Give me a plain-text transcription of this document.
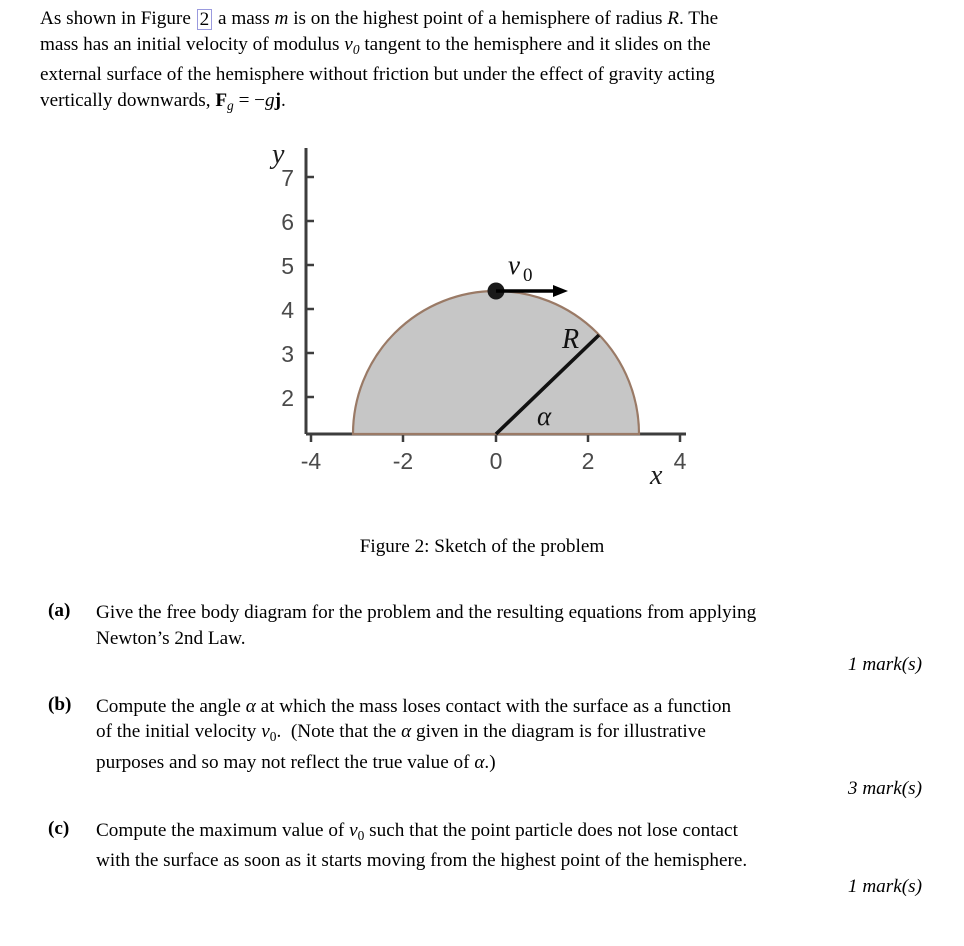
As shown in Figure 2 a mass m is on the highest point of a hemisphere of radius R. The
mass has an initial velocity of modulus $v_0$ tangent to the hemisphere and it slides on the
external surface of the hemisphere without friction but under the effect of gravity acting
vertically downwards, $F_g = -gj$.
y
x
7
6
5
4
3
2
-4	-2	0	2	4
v 0
R
α
Figure 2: Sketch of the problem
(a)	Give the free body diagram for the problem and the resulting equations from applying
Newton’s 2nd Law.
1 mark(s)
(b)	Compute the angle α at which the mass loses contact with the surface as a function
of the initial velocity $v_0$.  (Note that the α given in the diagram is for illustrative
purposes and so may not reflect the true value of α.)
3 mark(s)
(c)	Compute the maximum value of $v_0$ such that the point particle does not lose contact
with the surface as soon as it starts moving from the highest point of the hemisphere.
1 mark(s)
